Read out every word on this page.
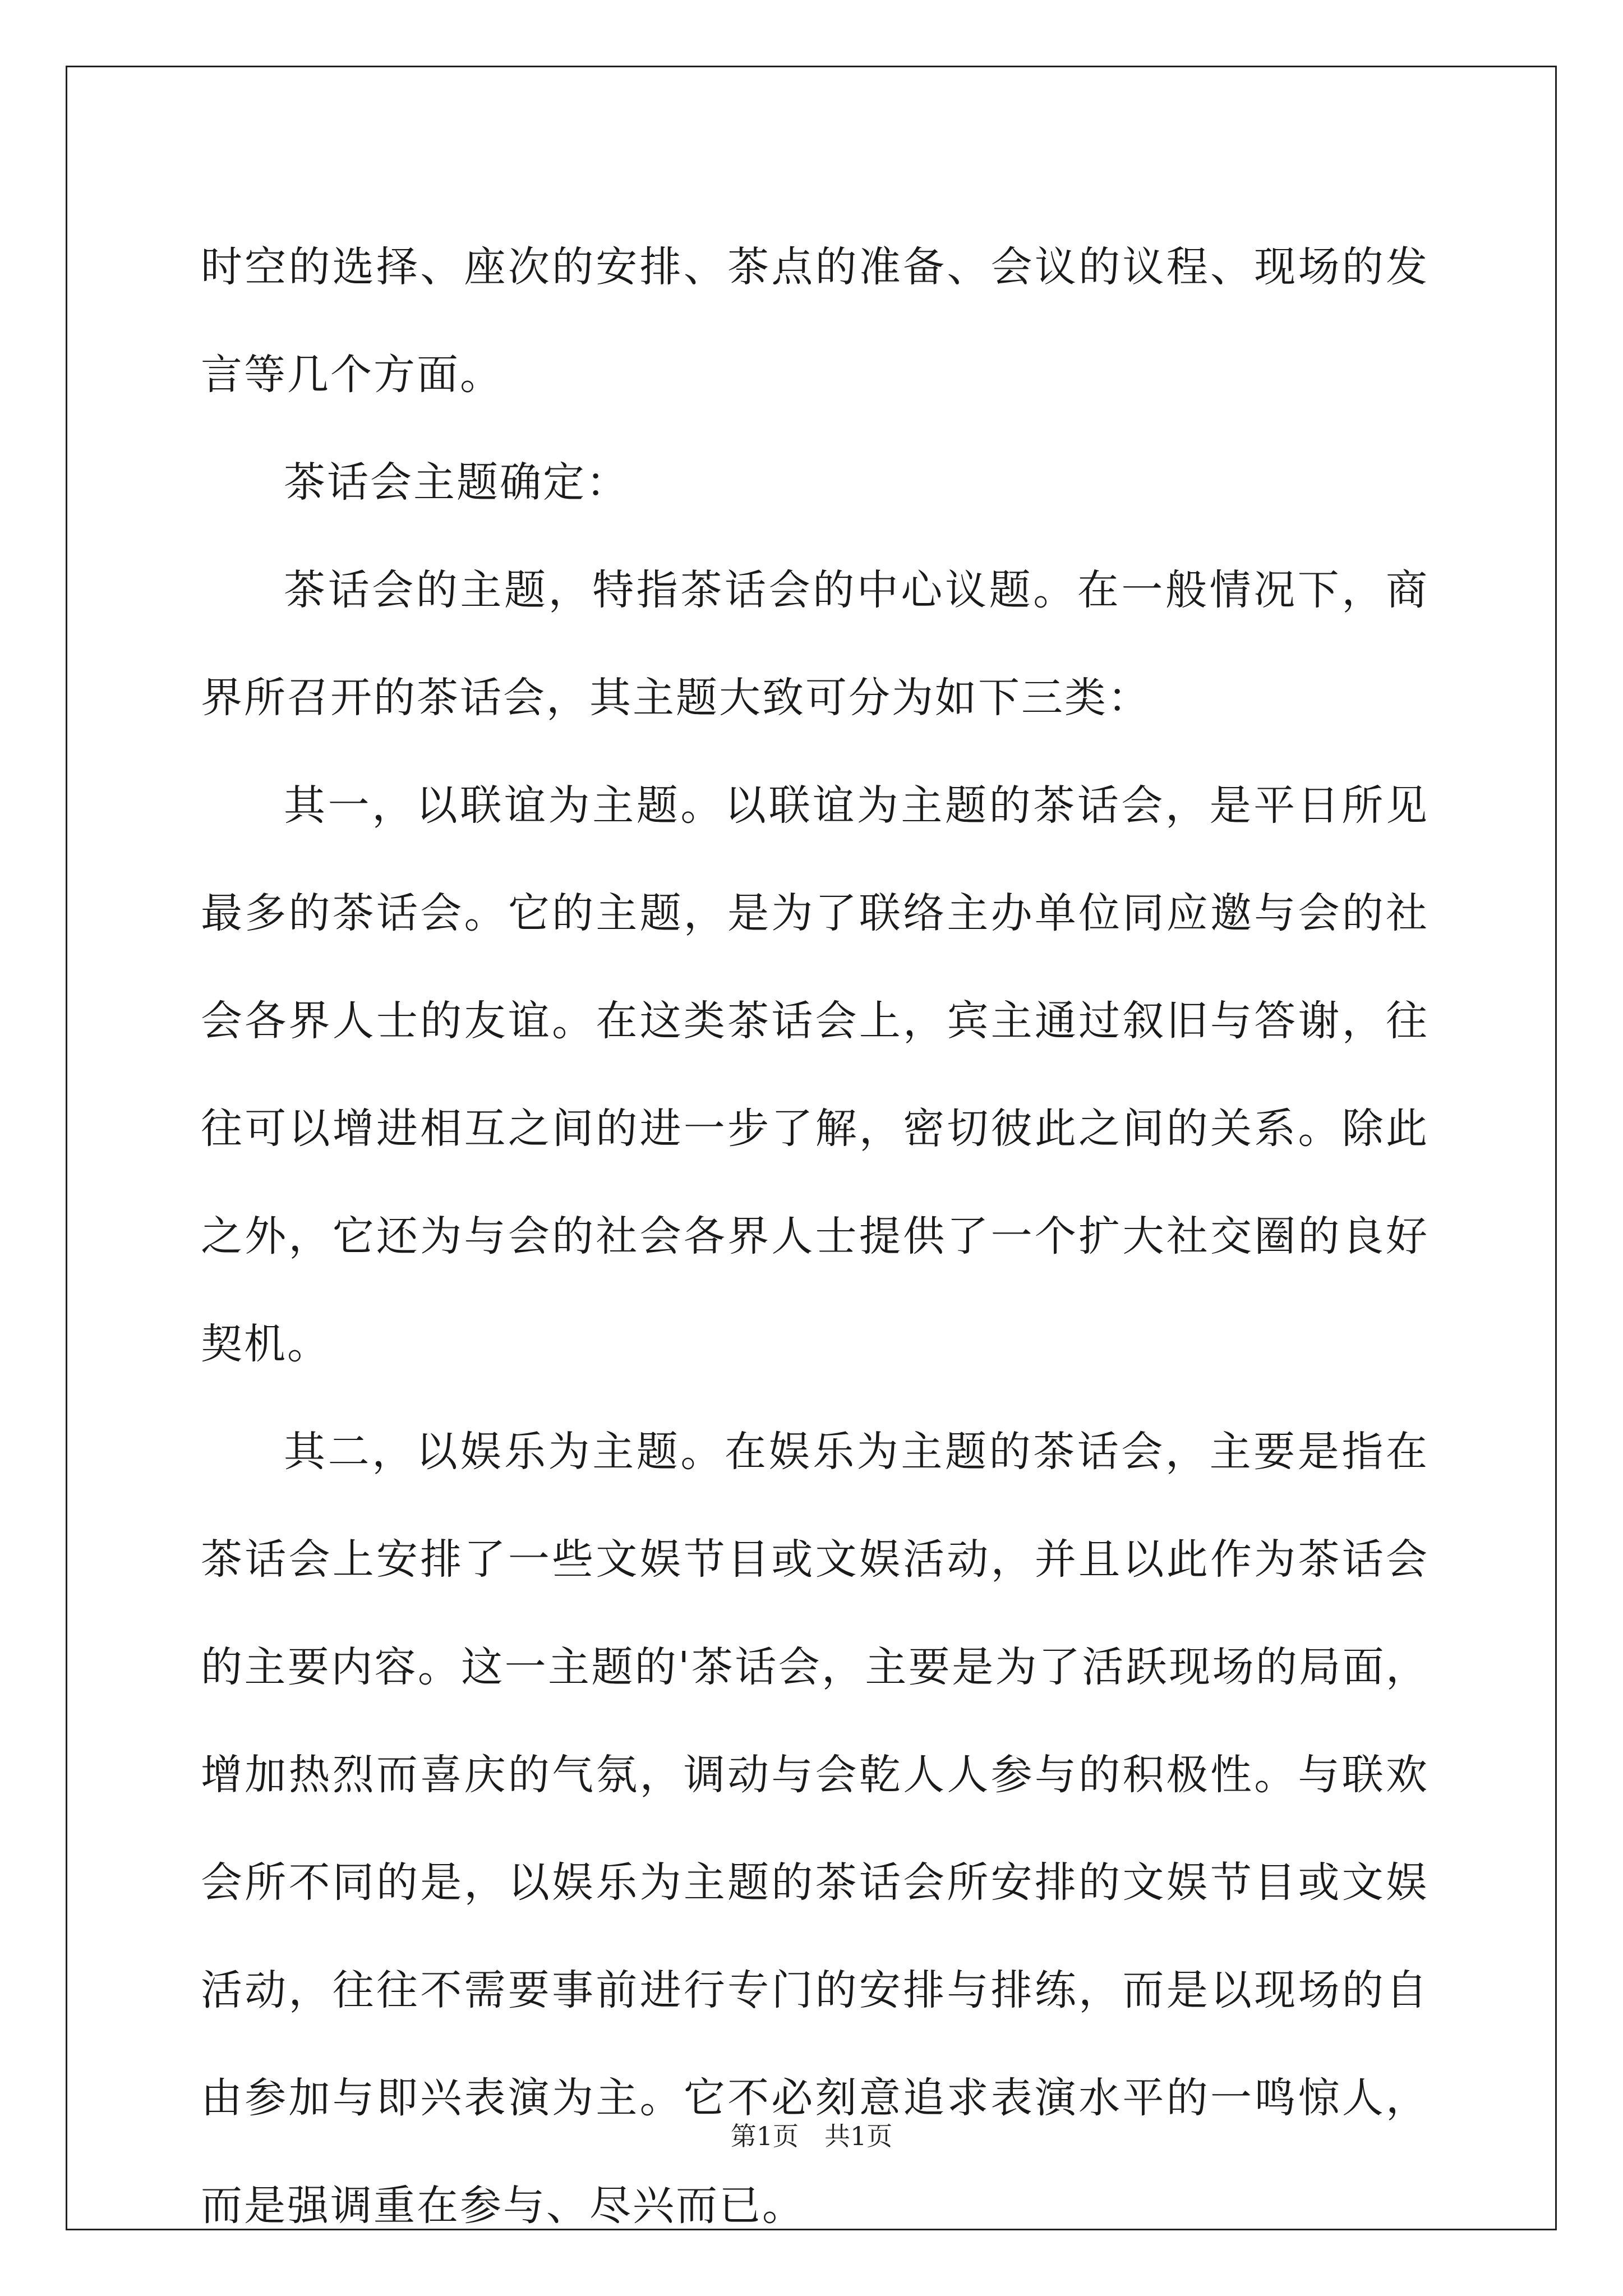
时空的选择、座次的安排、茶点的准备、会议的议程、现场的发言等几个方面。

茶话会主题确定：

茶话会的主题，特指茶话会的中心议题。在一般情况下，商界所召开的茶话会，其主题大致可分为如下三类：

其一，以联谊为主题。以联谊为主题的茶话会，是平日所见最多的茶话会。它的主题，是为了联络主办单位同应邀与会的社会各界人士的友谊。在这类茶话会上，宾主通过叙旧与答谢，往往可以增进相互之间的进一步了解，密切彼此之间的关系。除此之外，它还为与会的社会各界人士提供了一个扩大社交圈的良好契机。

其二，以娱乐为主题。在娱乐为主题的茶话会，主要是指在茶话会上安排了一些文娱节目或文娱活动，并且以此作为茶话会的主要内容。这一主题的'茶话会，主要是为了活跃现场的局面，增加热烈而喜庆的气氛，调动与会乾人人参与的积极性。与联欢会所不同的是，以娱乐为主题的茶话会所安排的文娱节目或文娱活动，往往不需要事前进行专门的安排与排练，而是以现场的自由参加与即兴表演为主。它不必刻意追求表演水平的一鸣惊人，而是强调重在参与、尽兴而已。

第1页 共1页
